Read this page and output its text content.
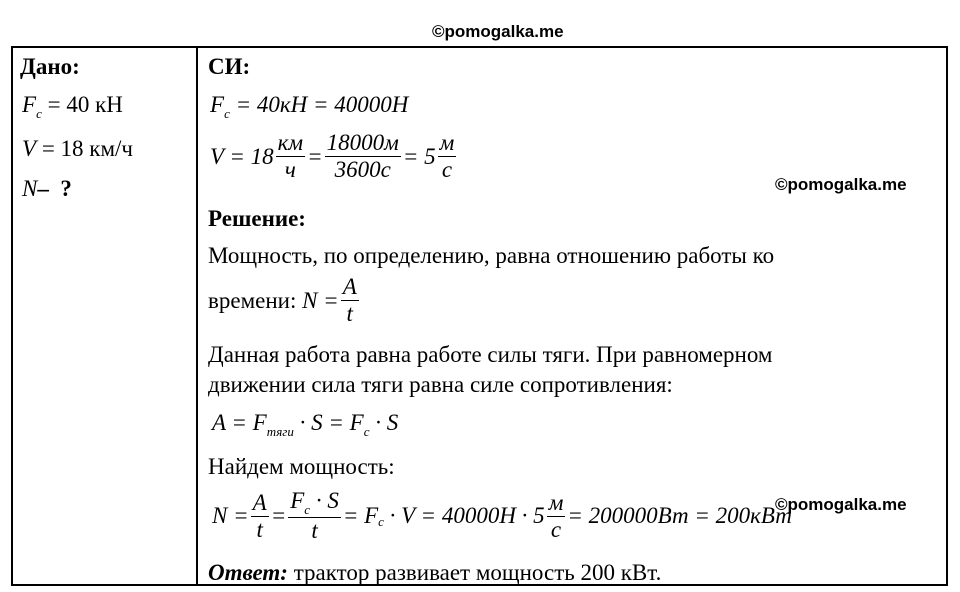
©pomogalka.me
Дано:
$F_c = 40$ кН
V = 18 км/ч
N– ?
СИ:
$F_c = 40кН = 40000Н$
$V = 18 \frac{км}{ч} = \frac{18000м}{3600с} = 5 \frac{м}{с}$
©pomogalka.me
Решение:
Мощность, по определению, равна отношению работы ко
времени:
$N = \frac{A}{t}$
Данная работа равна работе силы тяги. При равномерном
движении сила тяги равна силе сопротивления:
$A = F_{тяги} \cdot S = F_c \cdot S$
Найдем мощность:
$N = \frac{A}{t} = \frac{F_c \cdot S}{t} = F$ c
· $V = 40000Н \cdot 5 \frac{м}{с} = 200000Вт = 200кВт$
©pomogalka.me
Ответ: трактор развивает мощность 200 кВт.
